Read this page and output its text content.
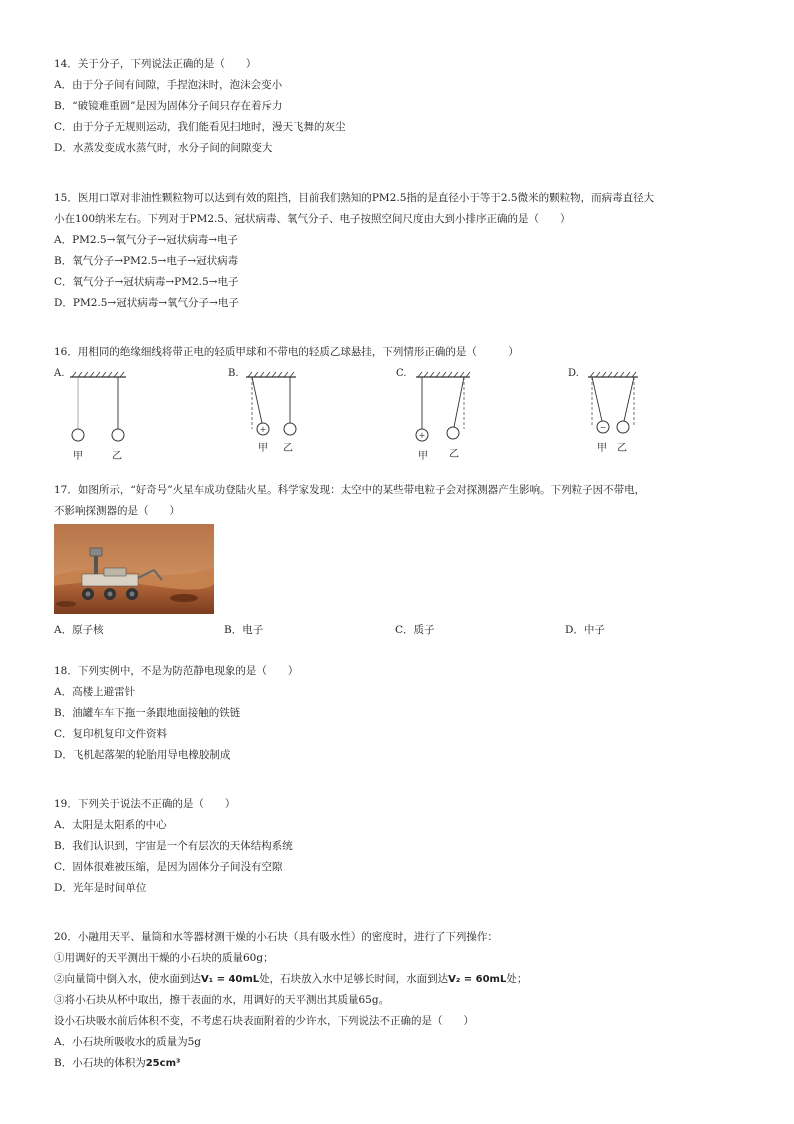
14．关于分子，下列说法正确的是（　　）
A．由于分子间有间隙，手捏泡沫时，泡沫会变小
B．“破镜难重圆”是因为固体分子间只存在着斥力
C．由于分子无规则运动，我们能看见扫地时，漫天飞舞的灰尘
D．水蒸发变成水蒸气时，水分子间的间隙变大
15．医用口罩对非油性颗粒物可以达到有效的阻挡，目前我们熟知的PM2.5指的是直径小于等于2.5微米的颗粒物，而病毒直径大
小在100纳米左右。下列对于PM2.5、冠状病毒、氧气分子、电子按照空间尺度由大到小排序正确的是（　　）
A．PM2.5→氧气分子→冠状病毒→电子
B．氧气分子→PM2.5→电子→冠状病毒
C．氧气分子→冠状病毒→PM2.5→电子
D．PM2.5→冠状病毒→氧气分子→电子
16．用相同的绝缘细线将带正电的轻质甲球和不带电的轻质乙球悬挂，下列情形正确的是（　　　）
A.
甲	乙
B.
+
甲 乙
C.
+
甲 乙
D.
−
甲 乙
17．如图所示，“好奇号”火星车成功登陆火星。科学家发现：太空中的某些带电粒子会对探测器产生影响。下列粒子因不带电，
不影响探测器的是（　　）
A．原子核	B．电子	C．质子	D．中子
18．下列实例中，不是为防范静电现象的是（　　）
A．高楼上避雷针
B．油罐车车下拖一条跟地面接触的铁链
C．复印机复印文件资料
D．飞机起落架的轮胎用导电橡胶制成
19．下列关于说法不正确的是（　　）
A．太阳是太阳系的中心
B．我们认识到，宇宙是一个有层次的天体结构系统
C．固体很难被压缩，是因为固体分子间没有空隙
D．光年是时间单位
20．小融用天平、量筒和水等器材测干燥的小石块（具有吸水性）的密度时，进行了下列操作：
①用调好的天平测出干燥的小石块的质量60g；
②向量筒中倒入水，使水面到达V₁ = 40mL处，石块放入水中足够长时间，水面到达V₂ = 60mL处；
③将小石块从杯中取出，擦干表面的水，用调好的天平测出其质量65g。
设小石块吸水前后体积不变，不考虑石块表面附着的少许水，下列说法不正确的是（　　）
A．小石块所吸收水的质量为5g
B．小石块的体积为25cm³
